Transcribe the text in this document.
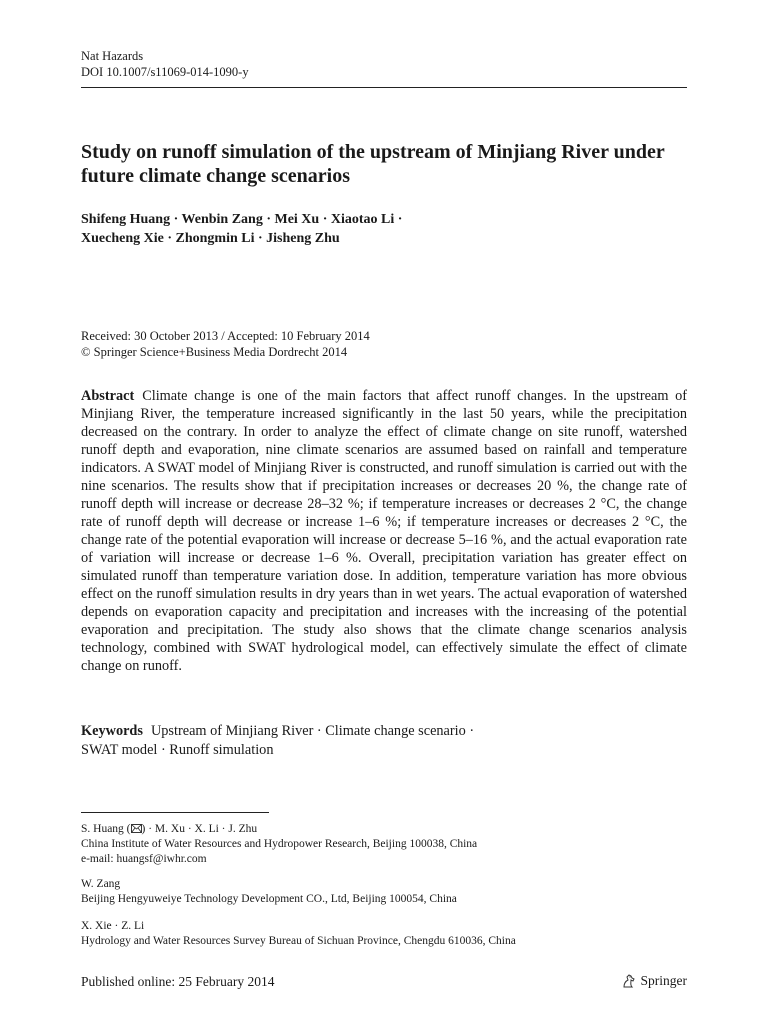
Nat Hazards
DOI 10.1007/s11069-014-1090-y
Study on runoff simulation of the upstream of Minjiang River under future climate change scenarios
Shifeng Huang · Wenbin Zang · Mei Xu · Xiaotao Li ·
Xuecheng Xie · Zhongmin Li · Jisheng Zhu
Received: 30 October 2013 / Accepted: 10 February 2014
© Springer Science+Business Media Dordrecht 2014

Abstract Climate change is one of the main factors that affect runoff changes. In the upstream of Minjiang River, the temperature increased significantly in the last 50 years, while the precipitation decreased on the contrary. In order to analyze the effect of climate change on site runoff, watershed runoff depth and evaporation, nine climate scenarios are assumed based on rainfall and temperature indicators. A SWAT model of Minjiang River is constructed, and runoff simulation is carried out with the nine scenarios. The results show that if precipitation increases or decreases 20 %, the change rate of runoff depth will increase or decrease 28–32 %; if temperature increases or decreases 2 °C, the change rate of runoff depth will decrease or increase 1–6 %; if temperature increases or decreases 2 °C, the change rate of the potential evaporation will increase or decrease 5–16 %, and the actual evaporation rate of variation will increase or decrease 1–6 %. Overall, precipitation variation has greater effect on simulated runoff than temperature variation dose. In addition, temperature variation has more obvious effect on the runoff simulation results in dry years than in wet years. The actual evaporation of watershed depends on evaporation capacity and precipitation and increases with the increasing of the potential evaporation and precipitation. The study also shows that the climate change scenarios analysis technology, combined with SWAT hydrological model, can effectively simulate the effect of climate change on runoff.

Keywords Upstream of Minjiang River · Climate change scenario ·
SWAT model · Runoff simulation
S. Huang ( ) · M. Xu · X. Li · J. Zhu
China Institute of Water Resources and Hydropower Research, Beijing 100038, China
e-mail: huangsf@iwhr.com
W. Zang
Beijing Hengyuweiye Technology Development CO., Ltd, Beijing 100054, China
X. Xie · Z. Li
Hydrology and Water Resources Survey Bureau of Sichuan Province, Chengdu 610036, China
Published online: 25 February 2014	Springer
